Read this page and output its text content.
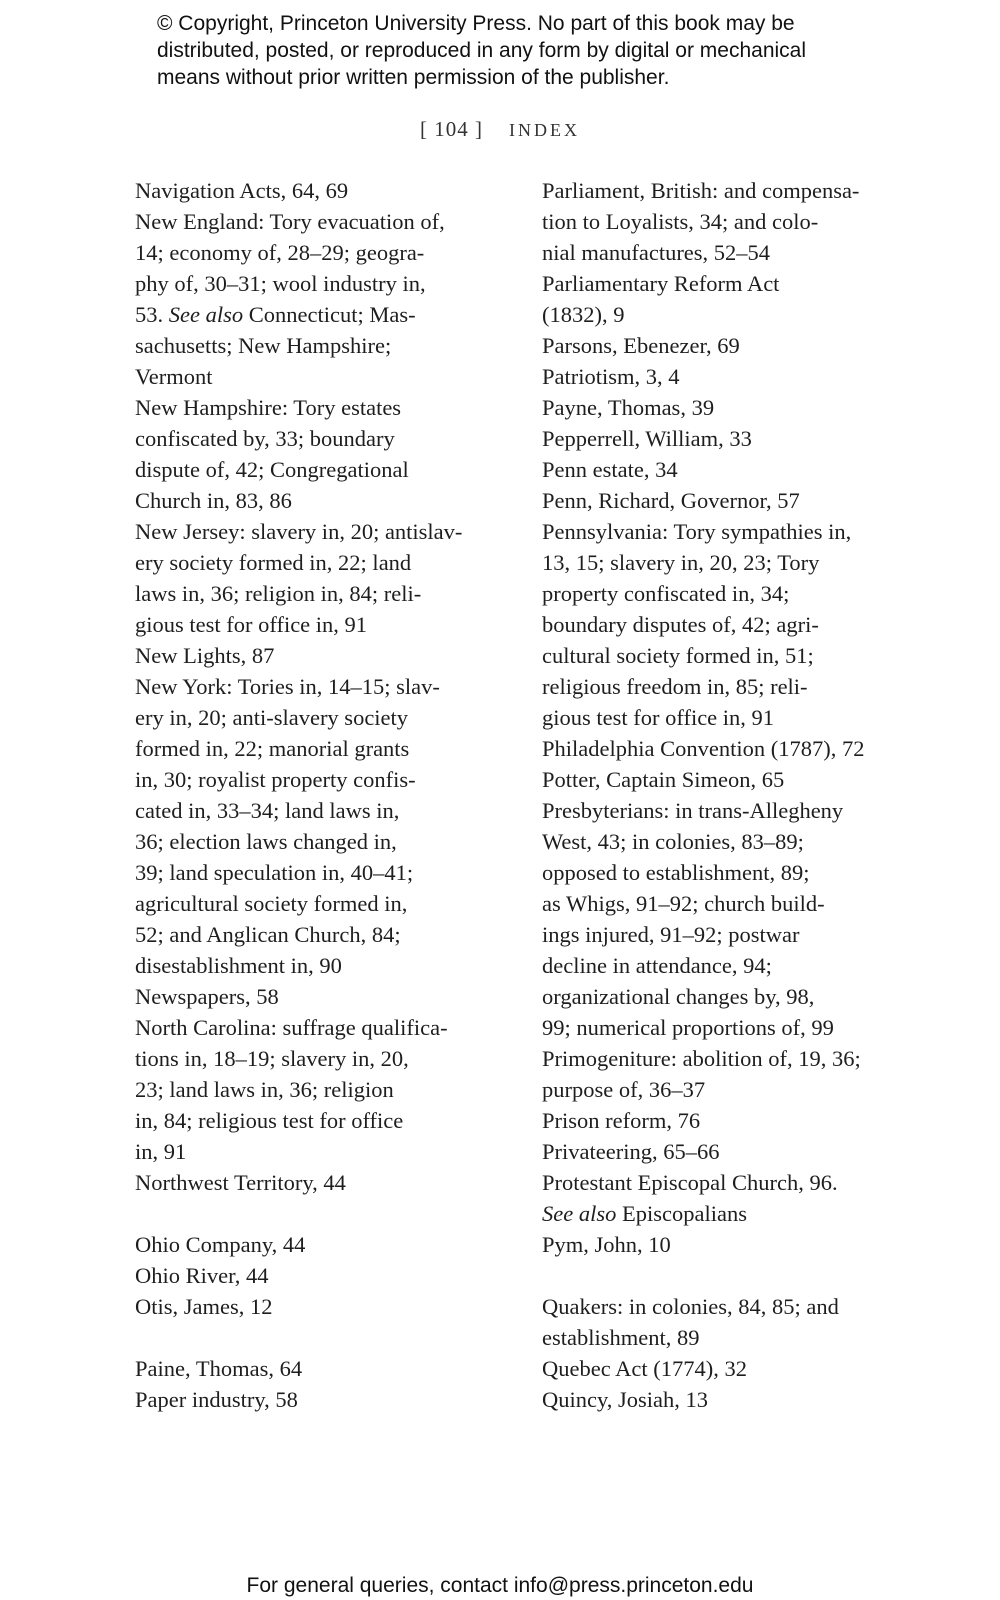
© Copyright, Princeton University Press. No part of this book may be
distributed, posted, or reproduced in any form by digital or mechanical
means without prior written permission of the publisher.
[ 104 ] INDEX
Navigation Acts, 64, 69
New England: Tory evacuation of,
14; economy of, 28–29; geogra-
phy of, 30–31; wool industry in,
53. See also Connecticut; Mas-
sachusetts; New Hampshire;
Vermont
New Hampshire: Tory estates
confiscated by, 33; boundary
dispute of, 42; Congregational
Church in, 83, 86
New Jersey: slavery in, 20; antislav-
ery society formed in, 22; land
laws in, 36; religion in, 84; reli-
gious test for office in, 91
New Lights, 87
New York: Tories in, 14–15; slav-
ery in, 20; anti-slavery society
formed in, 22; manorial grants
in, 30; royalist property confis-
cated in, 33–34; land laws in,
36; election laws changed in,
39; land speculation in, 40–41;
agricultural society formed in,
52; and Anglican Church, 84;
disestablishment in, 90
Newspapers, 58
North Carolina: suffrage qualifica-
tions in, 18–19; slavery in, 20,
23; land laws in, 36; religion
in, 84; religious test for office
in, 91
Northwest Territory, 44
Ohio Company, 44
Ohio River, 44
Otis, James, 12
Paine, Thomas, 64
Paper industry, 58
Parliament, British: and compensa-
tion to Loyalists, 34; and colo-
nial manufactures, 52–54
Parliamentary Reform Act
(1832), 9
Parsons, Ebenezer, 69
Patriotism, 3, 4
Payne, Thomas, 39
Pepperrell, William, 33
Penn estate, 34
Penn, Richard, Governor, 57
Pennsylvania: Tory sympathies in,
13, 15; slavery in, 20, 23; Tory
property confiscated in, 34;
boundary disputes of, 42; agri-
cultural society formed in, 51;
religious freedom in, 85; reli-
gious test for office in, 91
Philadelphia Convention (1787), 72
Potter, Captain Simeon, 65
Presbyterians: in trans-Allegheny
West, 43; in colonies, 83–89;
opposed to establishment, 89;
as Whigs, 91–92; church build-
ings injured, 91–92; postwar
decline in attendance, 94;
organizational changes by, 98,
99; numerical proportions of, 99
Primogeniture: abolition of, 19, 36;
purpose of, 36–37
Prison reform, 76
Privateering, 65–66
Protestant Episcopal Church, 96.
See also Episcopalians
Pym, John, 10
Quakers: in colonies, 84, 85; and
establishment, 89
Quebec Act (1774), 32
Quincy, Josiah, 13
For general queries, contact info@press.princeton.edu
